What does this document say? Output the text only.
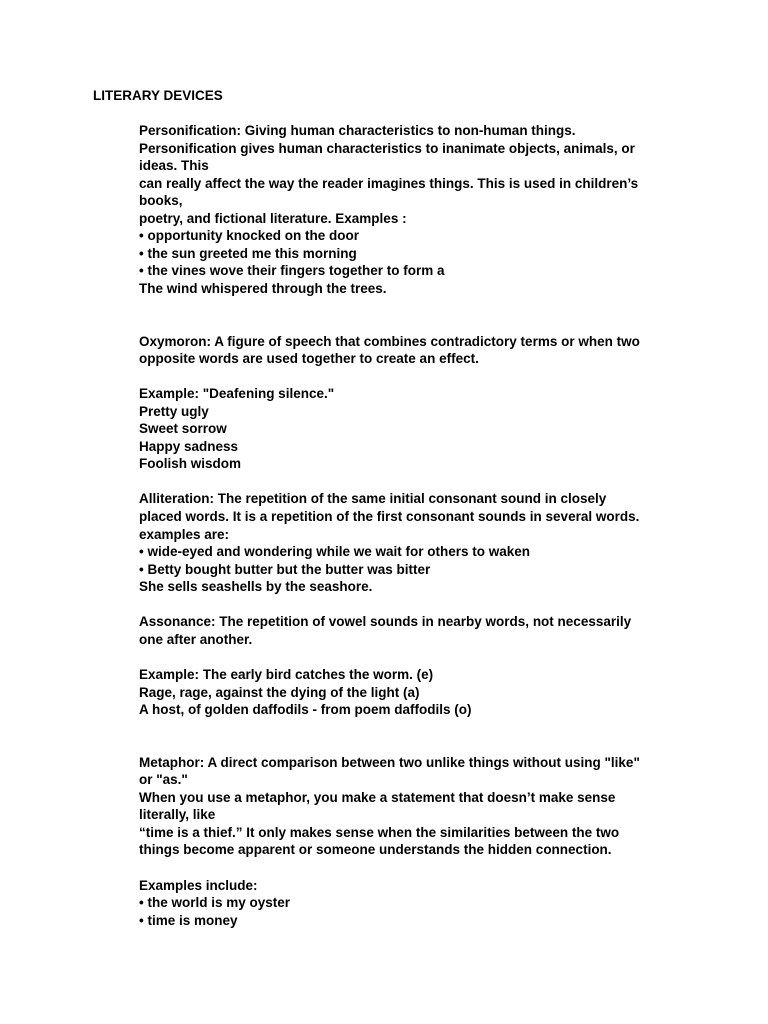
LITERARY DEVICES
Personification: Giving human characteristics to non-human things.
Personification gives human characteristics to inanimate objects, animals, or
ideas. This
can really affect the way the reader imagines things. This is used in children’s
books,
poetry, and fictional literature. Examples :
• opportunity knocked on the door
• the sun greeted me this morning
• the vines wove their fingers together to form a
The wind whispered through the trees.
Oxymoron: A figure of speech that combines contradictory terms or when two
opposite words are used together to create an effect.
Example: "Deafening silence."
Pretty ugly
Sweet sorrow
Happy sadness
Foolish wisdom
Alliteration: The repetition of the same initial consonant sound in closely
placed words. It is a repetition of the first consonant sounds in several words.
examples are:
• wide-eyed and wondering while we wait for others to waken
• Betty bought butter but the butter was bitter
She sells seashells by the seashore.
Assonance: The repetition of vowel sounds in nearby words, not necessarily
one after another.
Example: The early bird catches the worm. (e)
Rage, rage, against the dying of the light (a)
A host, of golden daffodils - from poem daffodils (o)
Metaphor: A direct comparison between two unlike things without using "like"
or "as."
When you use a metaphor, you make a statement that doesn’t make sense
literally, like
“time is a thief.” It only makes sense when the similarities between the two
things become apparent or someone understands the hidden connection.
Examples include:
• the world is my oyster
• time is money
